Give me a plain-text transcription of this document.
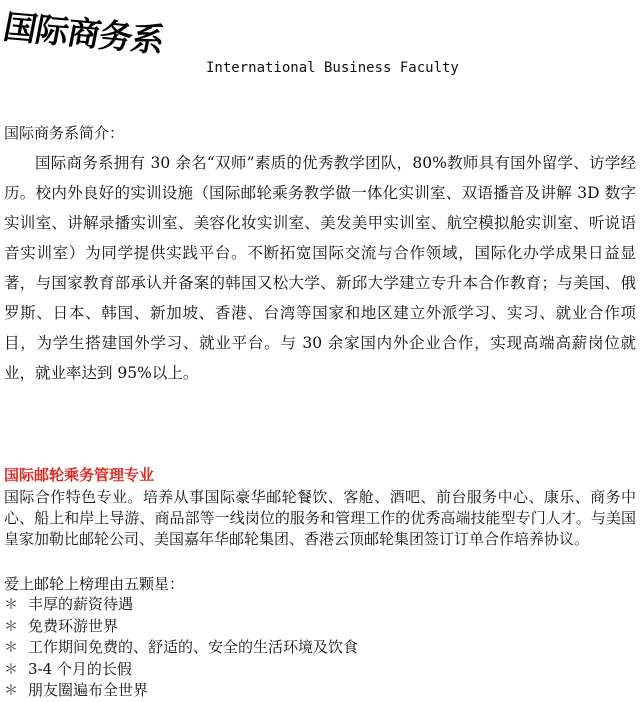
国际商务系
International Business Faculty
国际商务系简介：

国际商务系拥有 30 余名“双师”素质的优秀教学团队，80%教师具有国外留学、访学经历。校内外良好的实训设施（国际邮轮乘务教学做一体化实训室、双语播音及讲解 3D 数字实训室、讲解录播实训室、美容化妆实训室、美发美甲实训室、航空模拟舱实训室、听说语音实训室）为同学提供实践平台。不断拓宽国际交流与合作领域，国际化办学成果日益显著，与国家教育部承认并备案的韩国又松大学、新邱大学建立专升本合作教育；与美国、俄罗斯、日本、韩国、新加坡、香港、台湾等国家和地区建立外派学习、实习、就业合作项目，为学生搭建国外学习、就业平台。与 30 余家国内外企业合作，实现高端高薪岗位就业，就业率达到 95%以上。

国际邮轮乘务管理专业

国际合作特色专业。培养从事国际豪华邮轮餐饮、客舱、酒吧、前台服务中心、康乐、商务中心、船上和岸上导游、商品部等一线岗位的服务和管理工作的优秀高端技能型专门人才。与美国皇家加勒比邮轮公司、美国嘉年华邮轮集团、香港云顶邮轮集团签订订单合作培养协议。

爱上邮轮上榜理由五颗星：
＊ 丰厚的薪资待遇
＊ 免费环游世界
＊ 工作期间免费的、舒适的、安全的生活环境及饮食
＊ 3-4 个月的长假
＊ 朋友圈遍布全世界
